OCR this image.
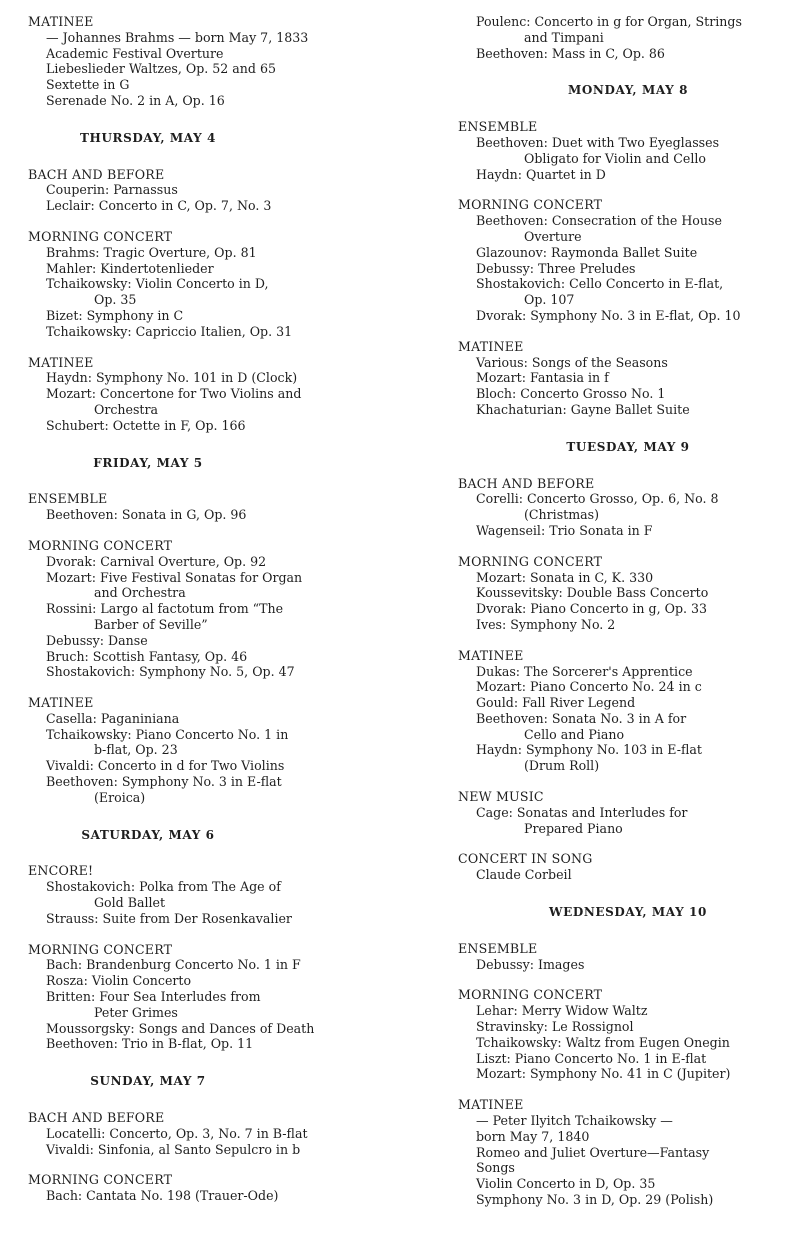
MATINEE
— Johannes Brahms — born May 7, 1833
Academic Festival Overture
Liebeslieder Waltzes, Op. 52 and 65
Sextette in G
Serenade No. 2 in A, Op. 16
THURSDAY, MAY 4
BACH AND BEFORE
Couperin: Parnassus
Leclair: Concerto in C, Op. 7, No. 3
MORNING CONCERT
Brahms: Tragic Overture, Op. 81
Mahler: Kindertotenlieder
Tchaikowsky: Violin Concerto in D,
Op. 35
Bizet: Symphony in C
Tchaikowsky: Capriccio Italien, Op. 31
MATINEE
Haydn: Symphony No. 101 in D (Clock)
Mozart: Concertone for Two Violins and
Orchestra
Schubert: Octette in F, Op. 166
FRIDAY, MAY 5
ENSEMBLE
Beethoven: Sonata in G, Op. 96
MORNING CONCERT
Dvorak: Carnival Overture, Op. 92
Mozart: Five Festival Sonatas for Organ
and Orchestra
Rossini: Largo al factotum from “The
Barber of Seville”
Debussy: Danse
Bruch: Scottish Fantasy, Op. 46
Shostakovich: Symphony No. 5, Op. 47
MATINEE
Casella: Paganiniana
Tchaikowsky: Piano Concerto No. 1 in
b-flat, Op. 23
Vivaldi: Concerto in d for Two Violins
Beethoven: Symphony No. 3 in E-flat
(Eroica)
SATURDAY, MAY 6
ENCORE!
Shostakovich: Polka from The Age of
Gold Ballet
Strauss: Suite from Der Rosenkavalier
MORNING CONCERT
Bach: Brandenburg Concerto No. 1 in F
Rosza: Violin Concerto
Britten: Four Sea Interludes from
Peter Grimes
Moussorgsky: Songs and Dances of Death
Beethoven: Trio in B-flat, Op. 11
SUNDAY, MAY 7
BACH AND BEFORE
Locatelli: Concerto, Op. 3, No. 7 in B-flat
Vivaldi: Sinfonia, al Santo Sepulcro in b
MORNING CONCERT
Bach: Cantata No. 198 (Trauer-Ode)
Poulenc: Concerto in g for Organ, Strings
and Timpani
Beethoven: Mass in C, Op. 86
MONDAY, MAY 8
ENSEMBLE
Beethoven: Duet with Two Eyeglasses
Obligato for Violin and Cello
Haydn: Quartet in D
MORNING CONCERT
Beethoven: Consecration of the House
Overture
Glazounov: Raymonda Ballet Suite
Debussy: Three Preludes
Shostakovich: Cello Concerto in E-flat,
Op. 107
Dvorak: Symphony No. 3 in E-flat, Op. 10
MATINEE
Various: Songs of the Seasons
Mozart: Fantasia in f
Bloch: Concerto Grosso No. 1
Khachaturian: Gayne Ballet Suite
TUESDAY, MAY 9
BACH AND BEFORE
Corelli: Concerto Grosso, Op. 6, No. 8
(Christmas)
Wagenseil: Trio Sonata in F
MORNING CONCERT
Mozart: Sonata in C, K. 330
Koussevitsky: Double Bass Concerto
Dvorak: Piano Concerto in g, Op. 33
Ives: Symphony No. 2
MATINEE
Dukas: The Sorcerer's Apprentice
Mozart: Piano Concerto No. 24 in c
Gould: Fall River Legend
Beethoven: Sonata No. 3 in A for
Cello and Piano
Haydn: Symphony No. 103 in E-flat
(Drum Roll)
NEW MUSIC
Cage: Sonatas and Interludes for
Prepared Piano
CONCERT IN SONG
Claude Corbeil
WEDNESDAY, MAY 10
ENSEMBLE
Debussy: Images
MORNING CONCERT
Lehar: Merry Widow Waltz
Stravinsky: Le Rossignol
Tchaikowsky: Waltz from Eugen Onegin
Liszt: Piano Concerto No. 1 in E-flat
Mozart: Symphony No. 41 in C (Jupiter)
MATINEE
— Peter Ilyitch Tchaikowsky —
born May 7, 1840
Romeo and Juliet Overture—Fantasy
Songs
Violin Concerto in D, Op. 35
Symphony No. 3 in D, Op. 29 (Polish)
